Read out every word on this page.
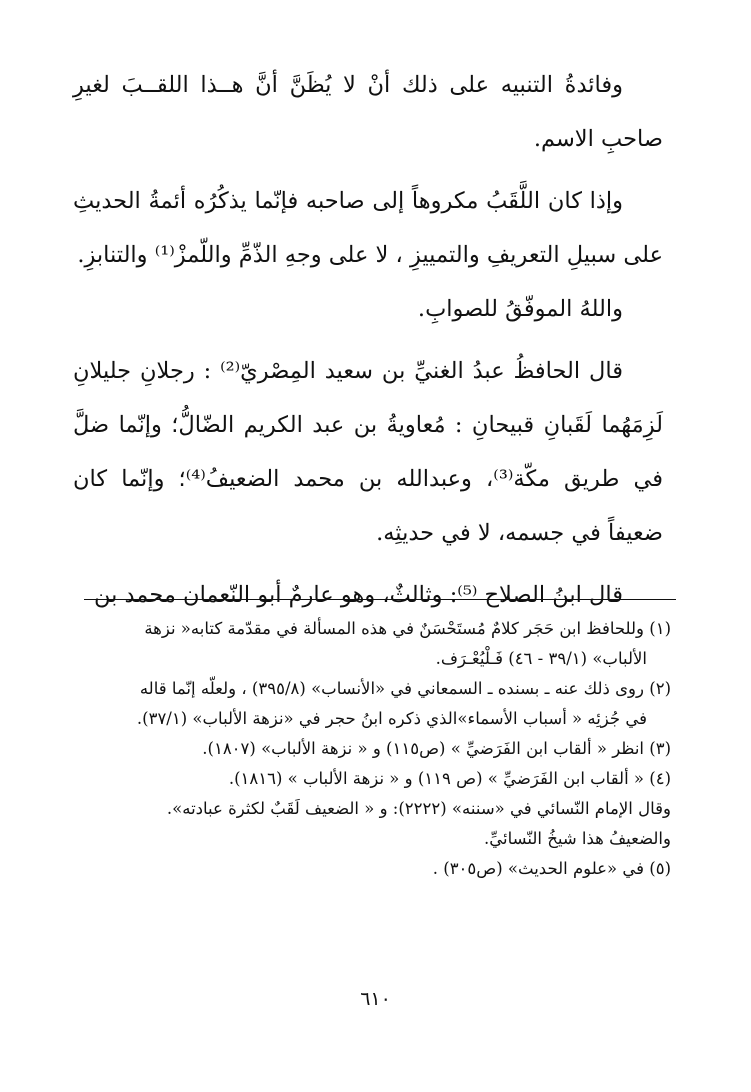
وفائدةُ التنبيه على ذلك أنْ لا يُظَنَّ أنَّ هــذا اللقــبَ لغيرِ صاحبِ الاسم.

وإذا كان اللَّقَبُ مكروهاً إلى صاحبه فإنّما يذكُرُه أئمةُ الحديثِ على سبيلِ التعريفِ والتمييزِ ، لا على وجهِ الذّمِّ واللّمزْ⁽¹⁾ والتنابزِ.

واللهُ الموفّقُ للصوابِ.

قال الحافظُ عبدُ الغنيِّ بن سعيد المِصْريّ⁽²⁾ : رجلانِ جليلانِ لَزِمَهُما لَقَبانِ قبيحانِ : مُعاويةُ بن عبد الكريم الضّالُّ؛ وإنّما ضلَّ في طريق مكّة⁽³⁾، وعبدالله بن محمد الضعيفُ⁽⁴⁾؛ وإنّما كان ضعيفاً في جسمه، لا في حديثِه.

قال ابنُ الصلاح ⁽⁵⁾: وثالثٌ، وهو عارمٌ أبو النّعمان محمد بن

(١) وللحافظ ابن حَجَر كلامٌ مُستَحْسَنٌ في هذه المسألة في مقدّمة كتابه« نزهة

الألباب» (٣٩/١ - ٤٦) فَـلْيُعْـرَف.

(٢) روى ذلك عنه ـ بسنده ـ السمعاني في «الأنساب» (٣٩٥/٨) ، ولعلّه إنّما قاله

في جُزئِه « أسباب الأسماء»الذي ذكره ابنُ حجر في «نزهة الألباب» (٣٧/١).

(٣) انظر « ألقاب ابن الفَرَضيِّ » (ص١١٥) و « نزهة الألباب» (١٨٠٧).

(٤) « ألقاب ابن الفَرَضيِّ » (ص ١١٩) و « نزهة الألباب » (١٨١٦).

وقال الإمام النّسائي في «سننه» (٢٢٢٢): و « الضعيف لَقَبٌ لكثرة عبادته».

والضعيفُ هذا شيخُ النّسائيِّ.

(٥) في «علوم الحديث» (ص٣٠٥) .

٦١٠
